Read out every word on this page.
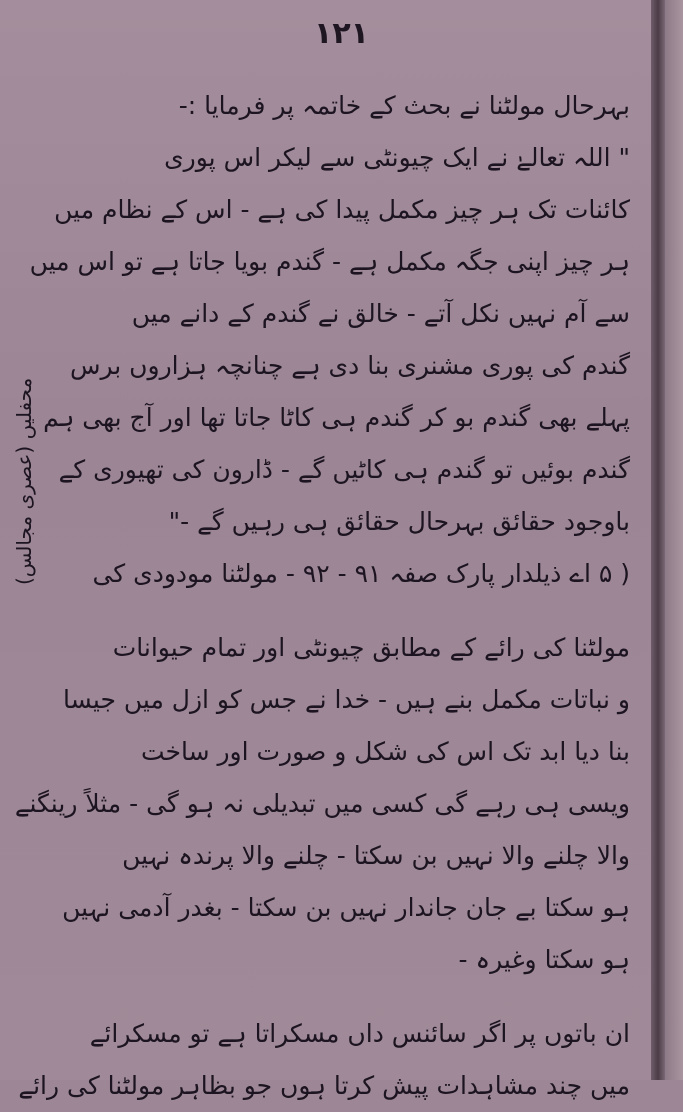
۱۲۱
بہرحال مولٹنا نے بحث کے خاتمہ پر فرمایا :-
" اللہ تعالےٰ نے ایک چیونٹی سے لیکر اس پوری
کائنات تک ہر چیز مکمل پیدا کی ہے - اس کے نظام میں
ہر چیز اپنی جگہ مکمل ہے - گندم بویا جاتا ہے تو اس میں
سے آم نہیں نکل آتے - خالق نے گندم کے دانے میں
گندم کی پوری مشنری بنا دی ہے چنانچہ ہزاروں برس
پہلے بھی گندم بو کر گندم ہی کاٹا جاتا تھا اور آج بھی ہم
گندم بوئیں تو گندم ہی کاٹیں گے - ڈارون کی تھیوری کے
باوجود حقائق بہرحال حقائق ہی رہیں گے -"
( ۵ اے ذیلدار پارک صفہ ۹۱ - ۹۲ - مولٹنا مودودی کی
مولٹنا کی رائے کے مطابق چیونٹی اور تمام حیوانات
و نباتات مکمل بنے ہیں - خدا نے جس کو ازل میں جیسا
بنا دیا ابد تک اس کی شکل و صورت اور ساخت
ویسی ہی رہے گی کسی میں تبدیلی نہ ہو گی - مثلاً رینگنے
والا چلنے والا نہیں بن سکتا - چلنے والا پرندہ نہیں
ہو سکتا بے جان جاندار نہیں بن سکتا - بغدر آدمی نہیں
ہو سکتا وغیرہ -
ان باتوں پر اگر سائنس داں مسکراتا ہے تو مسکرائے
میں چند مشاہدات پیش کرتا ہوں جو بظاہر مولٹنا کی رائے
محفلیں (عصری مجالس)
